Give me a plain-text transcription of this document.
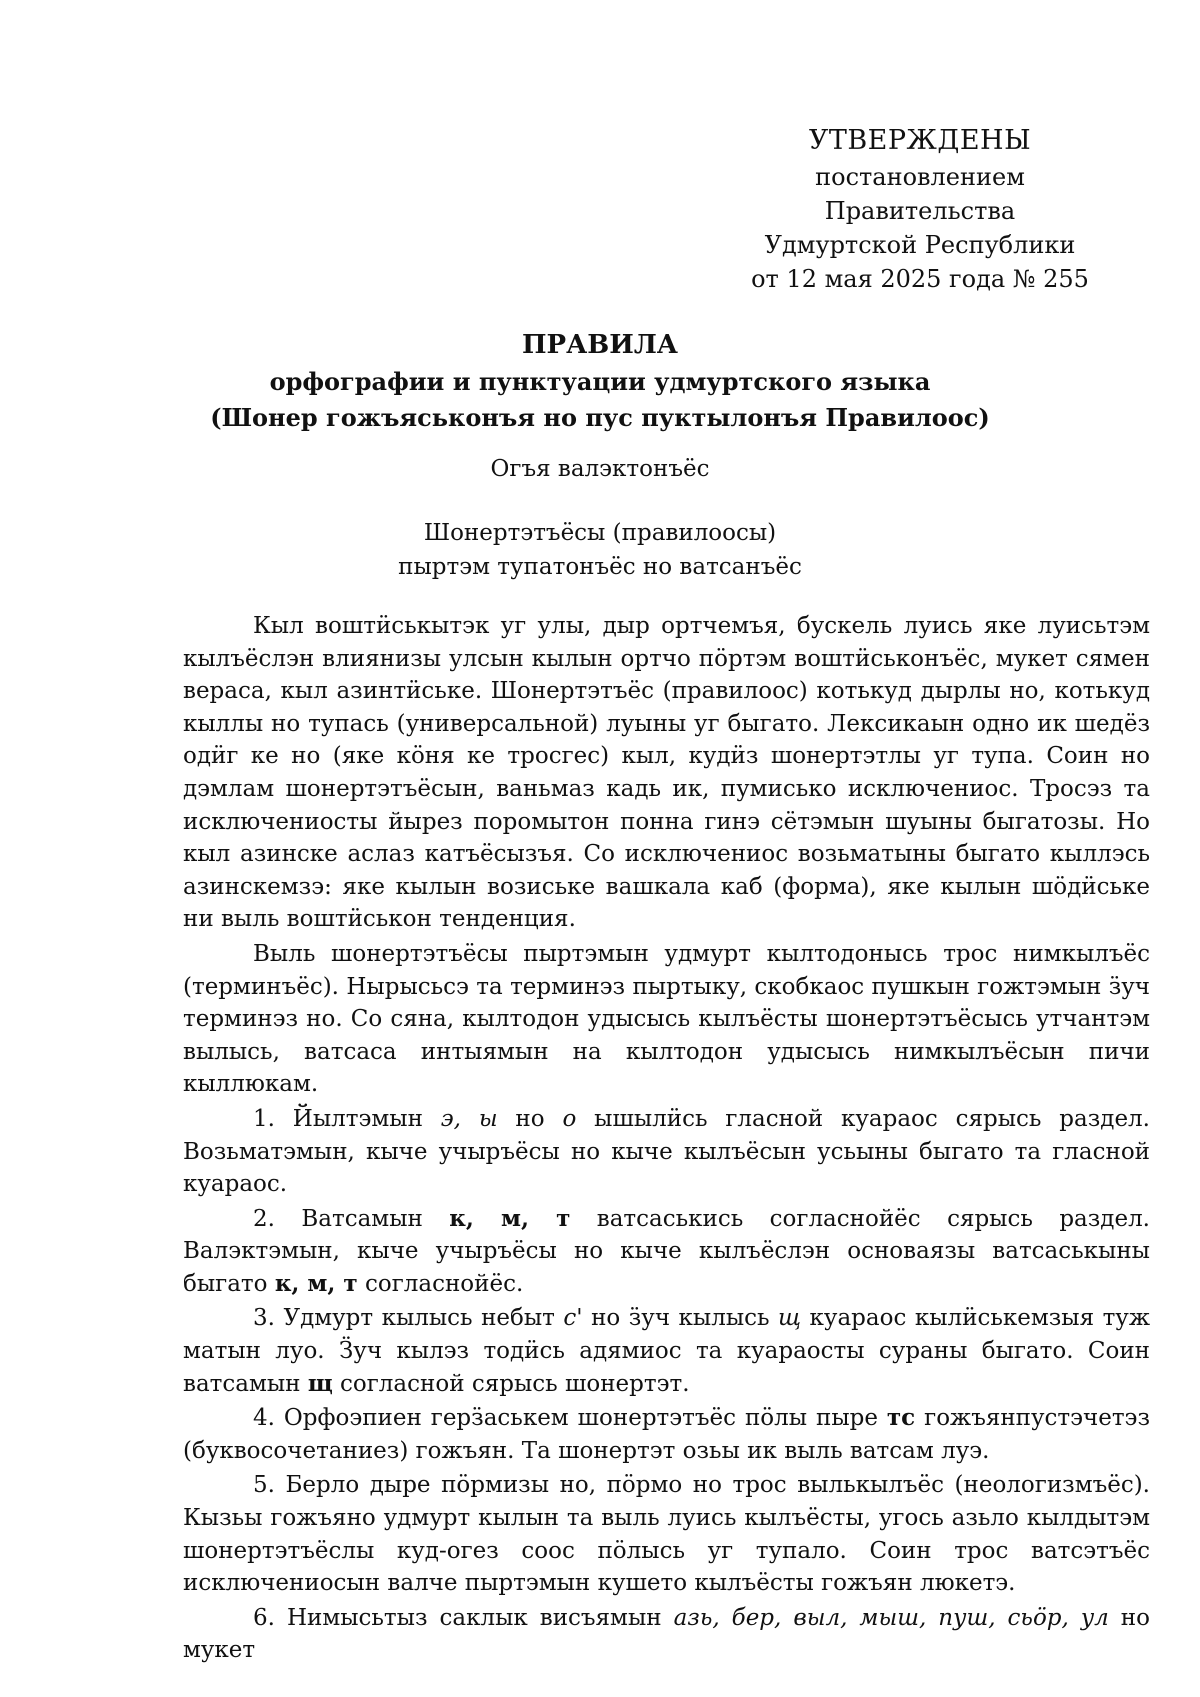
УТВЕРЖДЕНЫ
постановлением Правительства
Удмуртской Республики
от 12 мая 2025 года № 255
ПРАВИЛА
орфографии и пунктуации удмуртского языка
(Шонер гожъяськонъя но пус пуктылонъя Правилоос)
Огъя валэктонъёс
Шонертэтъёсы (правилоосы)
пыртэм тупатонъёс но ватсанъёс

Кыл воштӥськытэк уг улы, дыр ортчемъя, бускель луись яке луисьтэм кылъёслэн влиянизы улсын кылын ортчо пӧртэм воштӥськонъёс, мукет сямен вераса, кыл азинтӥське. Шонертэтъёс (правилоос) котькуд дырлы но, котькуд кыллы но тупась (универсальной) луыны уг быгато. Лексикаын одно ик шедёз одӥг ке но (яке кӧня ке тросгес) кыл, кудӥз шонертэтлы уг тупа. Соин но дэмлам шонертэтъёсын, ваньмаз кадь ик, пумисько исключениос. Тросэз та исключениосты йырез поромытон понна гинэ сётэмын шуыны быгатозы. Но кыл азинске аслаз катъёсызъя. Со исключениос возьматыны быгато кыллэсь азинскемзэ: яке кылын возиське вашкала каб (форма), яке кылын шӧдӥське ни выль воштӥськон тенденция.

Выль шонертэтъёсы пыртэмын удмурт кылтодонысь трос нимкылъёс (терминъёс). Нырысьсэ та терминэз пыртыку, скобкаос пушкын гожтэмын ӟуч терминэз но. Со сяна, кылтодон удысысь кылъёсты шонертэтъёсысь утчантэм вылысь, ватсаса интыямын на кылтодон удысысь нимкылъёсын пичи кыллюкам.

1. Йылтэмын э, ы но о ышылӥсь гласной куараос сярысь раздел. Возьматэмын, кыче учыръёсы но кыче кылъёсын усьыны быгато та гласной куараос.

2. Ватсамын к, м, т ватсаськись согласнойёс сярысь раздел. Валэктэмын, кыче учыръёсы но кыче кылъёслэн основаязы ватсаськыны быгато к, м, т согласнойёс.

3. Удмурт кылысь небыт с' но ӟуч кылысь щ куараос кылӥськемзыя туж матын луо. Ӟуч кылэз тодӥсь адямиос та куараосты сураны быгато. Соин ватсамын щ согласной сярысь шонертэт.

4. Орфоэпиен герӟаськем шонертэтъёс пӧлы пыре тс гожъянпустэчетэз (буквосочетаниез) гожъян. Та шонертэт озьы ик выль ватсам луэ.

5. Берло дыре пӧрмизы но, пӧрмо но трос вылькылъёс (неологизмъёс). Кызьы гожъяно удмурт кылын та выль луись кылъёсты, угось азьло кылдытэм шонертэтъёслы куд-огез соос пӧлысь уг тупало. Соин трос ватсэтъёс исключениосын валче пыртэмын кушето кылъёсты гожъян люкетэ.

6. Нимысьтыз саклык висъямын азь, бер, выл, мыш, пуш, сьӧр, ул но мукет
